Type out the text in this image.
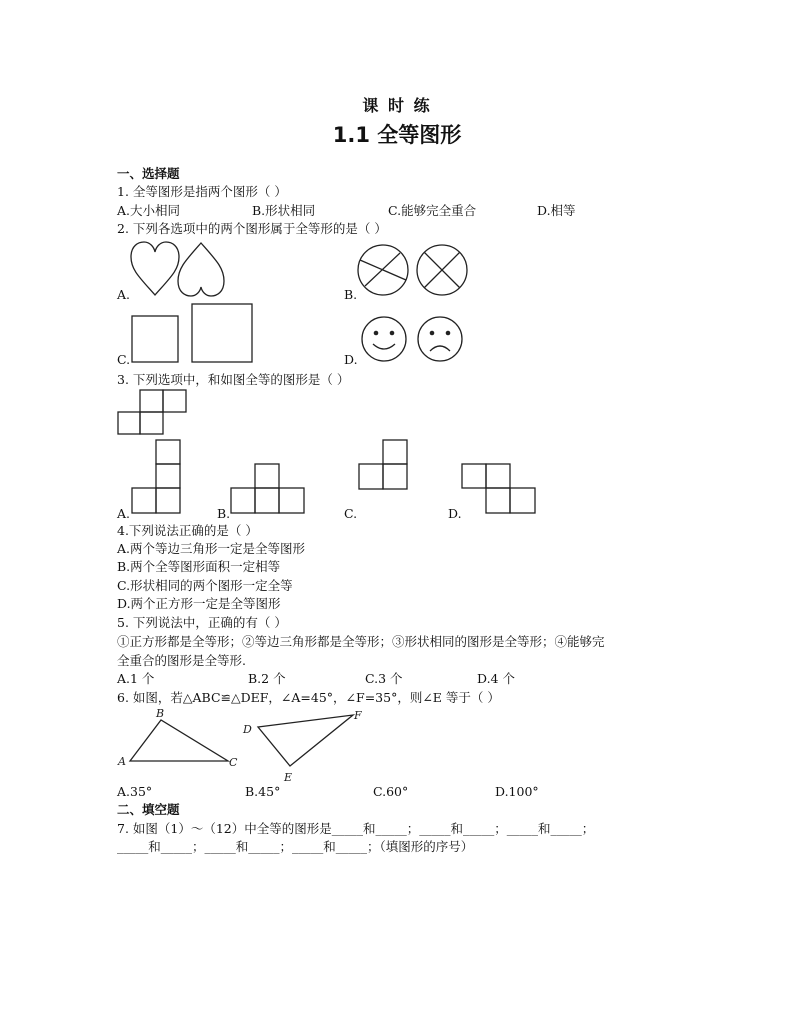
课 时 练
1.1 全等图形
一、选择题
1. 全等图形是指两个图形（ ）
A.大小相同	B.形状相同	C.能够完全重合	D.相等
2. 下列各选项中的两个图形属于全等形的是（ ）
A.	B.
C.	D.
3. 下列选项中，和如图全等的图形是（ ）
A.	B.	C.	D.
4.下列说法正确的是（ ）
A.两个等边三角形一定是全等图形
B.两个全等图形面积一定相等
C.形状相同的两个图形一定全等
D.两个正方形一定是全等图形
5. 下列说法中，正确的有（ ）
①正方形都是全等形；②等边三角形都是全等形；③形状相同的图形是全等形；④能够完
全重合的图形是全等形.
A.1 个	B.2 个	C.3 个	D.4 个
6. 如图，若△ABC≌△DEF，∠A=45°，∠F=35°，则∠E 等于（ ）
A
B
C
D
E
F
A.35°	B.45°	C.60°	D.100°
二、填空题
7. 如图（1）～（12）中全等的图形是_____和_____；_____和_____；_____和_____；
_____和_____；_____和_____；_____和_____；（填图形的序号）
